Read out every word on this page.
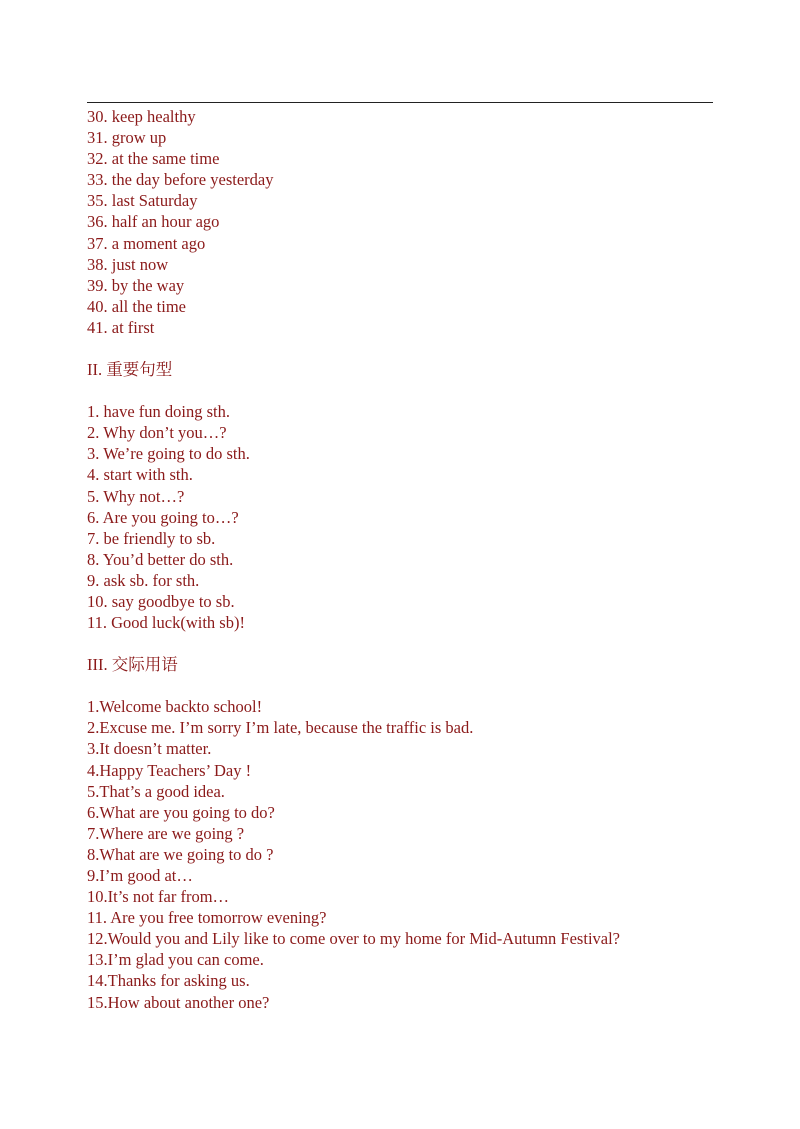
30. keep healthy
31. grow up
32. at the same time
33. the day before yesterday
35. last Saturday
36. half an hour ago
37. a moment ago
38. just now
39. by the way
40. all the time
41. at first
II. 重要句型
1. have fun doing sth.
2. Why don’t you…?
3. We’re going to do sth.
4. start with sth.
5. Why not…?
6. Are you going to…?
7. be friendly to sb.
8. You’d better do sth.
9. ask sb. for sth.
10. say goodbye to sb.
11. Good luck(with sb)!
III. 交际用语
1.Welcome backto school!
2.Excuse me. I’m sorry I’m late, because the traffic is bad.
3.It doesn’t matter.
4.Happy Teachers’ Day !
5.That’s a good idea.
6.What are you going to do?
7.Where are we going ?
8.What are we going to do ?
9.I’m good at…
10.It’s not far from…
11. Are you free tomorrow evening?
12.Would you and Lily like to come over to my home for Mid-Autumn Festival?
13.I’m glad you can come.
14.Thanks for asking us.
15.How about another one?
